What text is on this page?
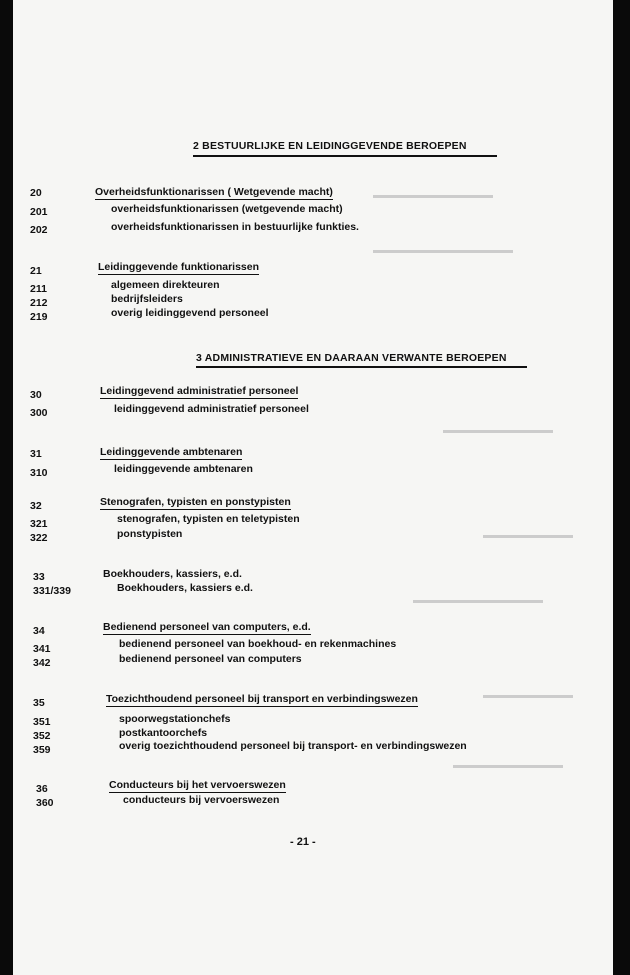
▬▬▬▬▬▬▬▬▬▬▬▬
▬▬▬▬▬▬▬▬▬▬▬▬▬▬
▬▬▬▬▬▬▬▬▬▬▬
▬▬▬▬▬▬▬▬▬
▬▬▬▬▬▬▬▬▬▬▬▬▬
▬▬▬▬▬▬▬▬▬
▬▬▬▬▬▬▬▬▬▬▬
2 BESTUURLIJKE EN LEIDINGGEVENDE BEROEPEN
20	Overheidsfunktionarissen ( Wetgevende macht)
201	overheidsfunktionarissen (wetgevende macht)
202	overheidsfunktionarissen in bestuurlijke funkties.
21	Leidinggevende funktionarissen
211	algemeen direkteuren
212	bedrijfsleiders
219	overig leidinggevend personeel
3 ADMINISTRATIEVE EN DAARAAN VERWANTE BEROEPEN
30	Leidinggevend administratief personeel
300	leidinggevend administratief personeel
31	Leidinggevende ambtenaren
310	leidinggevende ambtenaren
32	Stenografen, typisten en ponstypisten
321	stenografen, typisten en teletypisten
322	ponstypisten
33	Boekhouders, kassiers, e.d.
331/339	Boekhouders, kassiers e.d.
34	Bedienend personeel van computers, e.d.
341	bedienend personeel van boekhoud- en rekenmachines
342	bedienend personeel van computers
35	Toezichthoudend personeel bij transport en verbindingswezen
351	spoorwegstationchefs
352	postkantoorchefs
359	overig toezichthoudend personeel bij transport- en verbindingswezen
36	Conducteurs bij het vervoerswezen
360	conducteurs bij vervoerswezen
- 21 -
